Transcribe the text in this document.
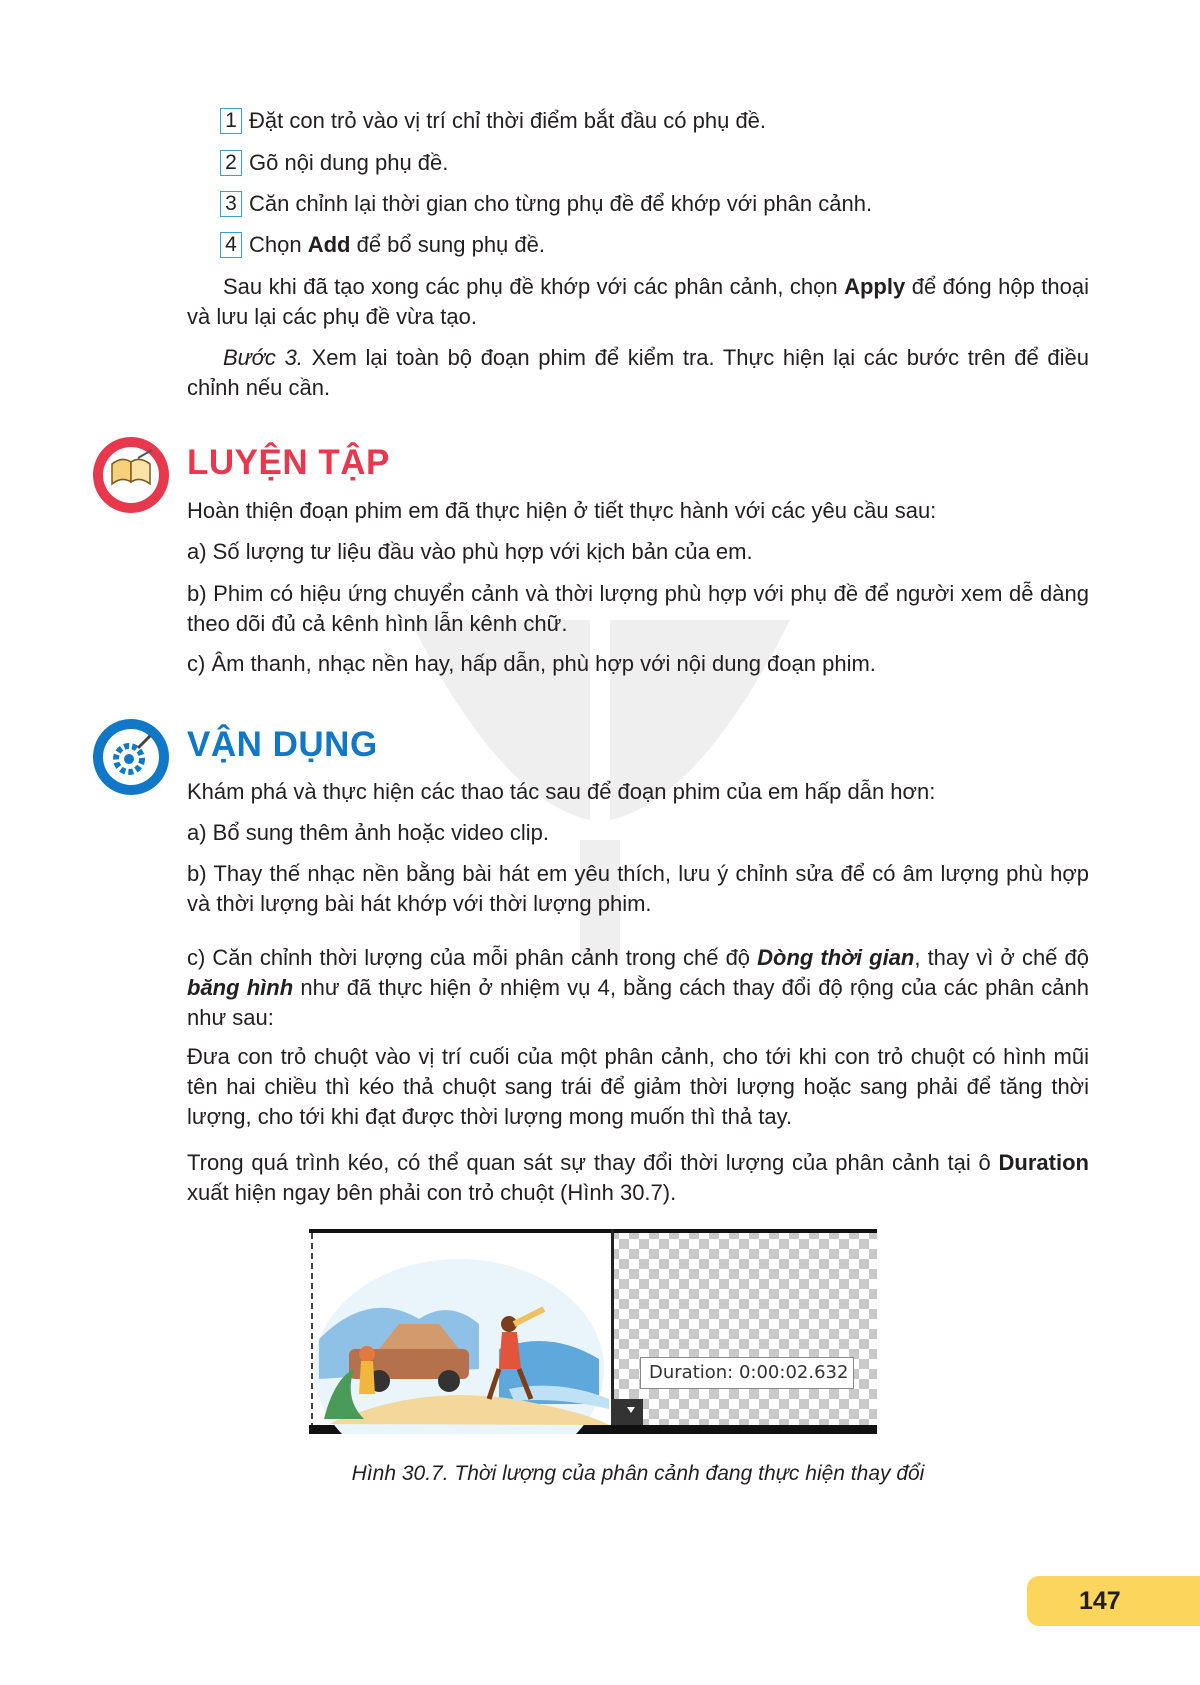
1 Đặt con trỏ vào vị trí chỉ thời điểm bắt đầu có phụ đề.
2 Gõ nội dung phụ đề.
3 Căn chỉnh lại thời gian cho từng phụ đề để khớp với phân cảnh.
4 Chọn Add để bổ sung phụ đề.

Sau khi đã tạo xong các phụ đề khớp với các phân cảnh, chọn Apply để đóng hộp thoại và lưu lại các phụ đề vừa tạo.

Bước 3. Xem lại toàn bộ đoạn phim để kiểm tra. Thực hiện lại các bước trên để điều chỉnh nếu cần.

LUYỆN TẬP

Hoàn thiện đoạn phim em đã thực hiện ở tiết thực hành với các yêu cầu sau:

a) Số lượng tư liệu đầu vào phù hợp với kịch bản của em.

b) Phim có hiệu ứng chuyển cảnh và thời lượng phù hợp với phụ đề để người xem dễ dàng theo dõi đủ cả kênh hình lẫn kênh chữ.

c) Âm thanh, nhạc nền hay, hấp dẫn, phù hợp với nội dung đoạn phim.

VẬN DỤNG

Khám phá và thực hiện các thao tác sau để đoạn phim của em hấp dẫn hơn:

a) Bổ sung thêm ảnh hoặc video clip.

b) Thay thế nhạc nền bằng bài hát em yêu thích, lưu ý chỉnh sửa để có âm lượng phù hợp và thời lượng bài hát khớp với thời lượng phim.

c) Căn chỉnh thời lượng của mỗi phân cảnh trong chế độ Dòng thời gian, thay vì ở chế độ băng hình như đã thực hiện ở nhiệm vụ 4, bằng cách thay đổi độ rộng của các phân cảnh như sau:

Đưa con trỏ chuột vào vị trí cuối của một phân cảnh, cho tới khi con trỏ chuột có hình mũi tên hai chiều thì kéo thả chuột sang trái để giảm thời lượng hoặc sang phải để tăng thời lượng, cho tới khi đạt được thời lượng mong muốn thì thả tay.

Trong quá trình kéo, có thể quan sát sự thay đổi thời lượng của phân cảnh tại ô Duration xuất hiện ngay bên phải con trỏ chuột (Hình 30.7).

Duration: 0:00:02.632
Hình 30.7. Thời lượng của phân cảnh đang thực hiện thay đổi
147
